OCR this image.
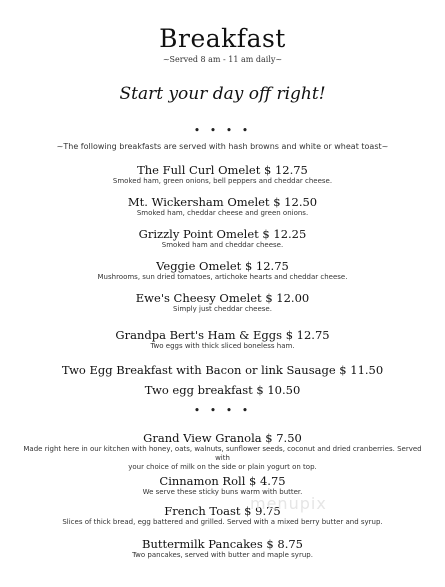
Breakfast
~Served 8 am - 11 am daily~
Start your day off right!
• • • •
~The following breakfasts are served with hash browns and white or wheat toast~
The Full Curl Omelet $ 12.75
Smoked ham, green onions, bell peppers and cheddar cheese.
Mt. Wickersham Omelet $ 12.50
Smoked ham, cheddar cheese and green onions.
Grizzly Point Omelet $ 12.25
Smoked ham and cheddar cheese.
Veggie Omelet $ 12.75
Mushrooms, sun dried tomatoes, artichoke hearts and cheddar cheese.
Ewe's Cheesy Omelet $ 12.00
Simply just cheddar cheese.
Grandpa Bert's Ham & Eggs $ 12.75
Two eggs with thick sliced boneless ham.
Two Egg Breakfast with Bacon or link Sausage $ 11.50
Two egg breakfast $ 10.50
• • • •
Grand View Granola $ 7.50
Made right here in our kitchen with honey, oats, walnuts, sunflower seeds, coconut and dried cranberries. Served with
your choice of milk on the side or plain yogurt on top.
Cinnamon Roll $ 4.75
We serve these sticky buns warm with butter.
French Toast $ 9.75
Slices of thick bread, egg battered and grilled. Served with a mixed berry butter and syrup.
Buttermilk Pancakes $ 8.75
Two pancakes, served with butter and maple syrup.
menupix
